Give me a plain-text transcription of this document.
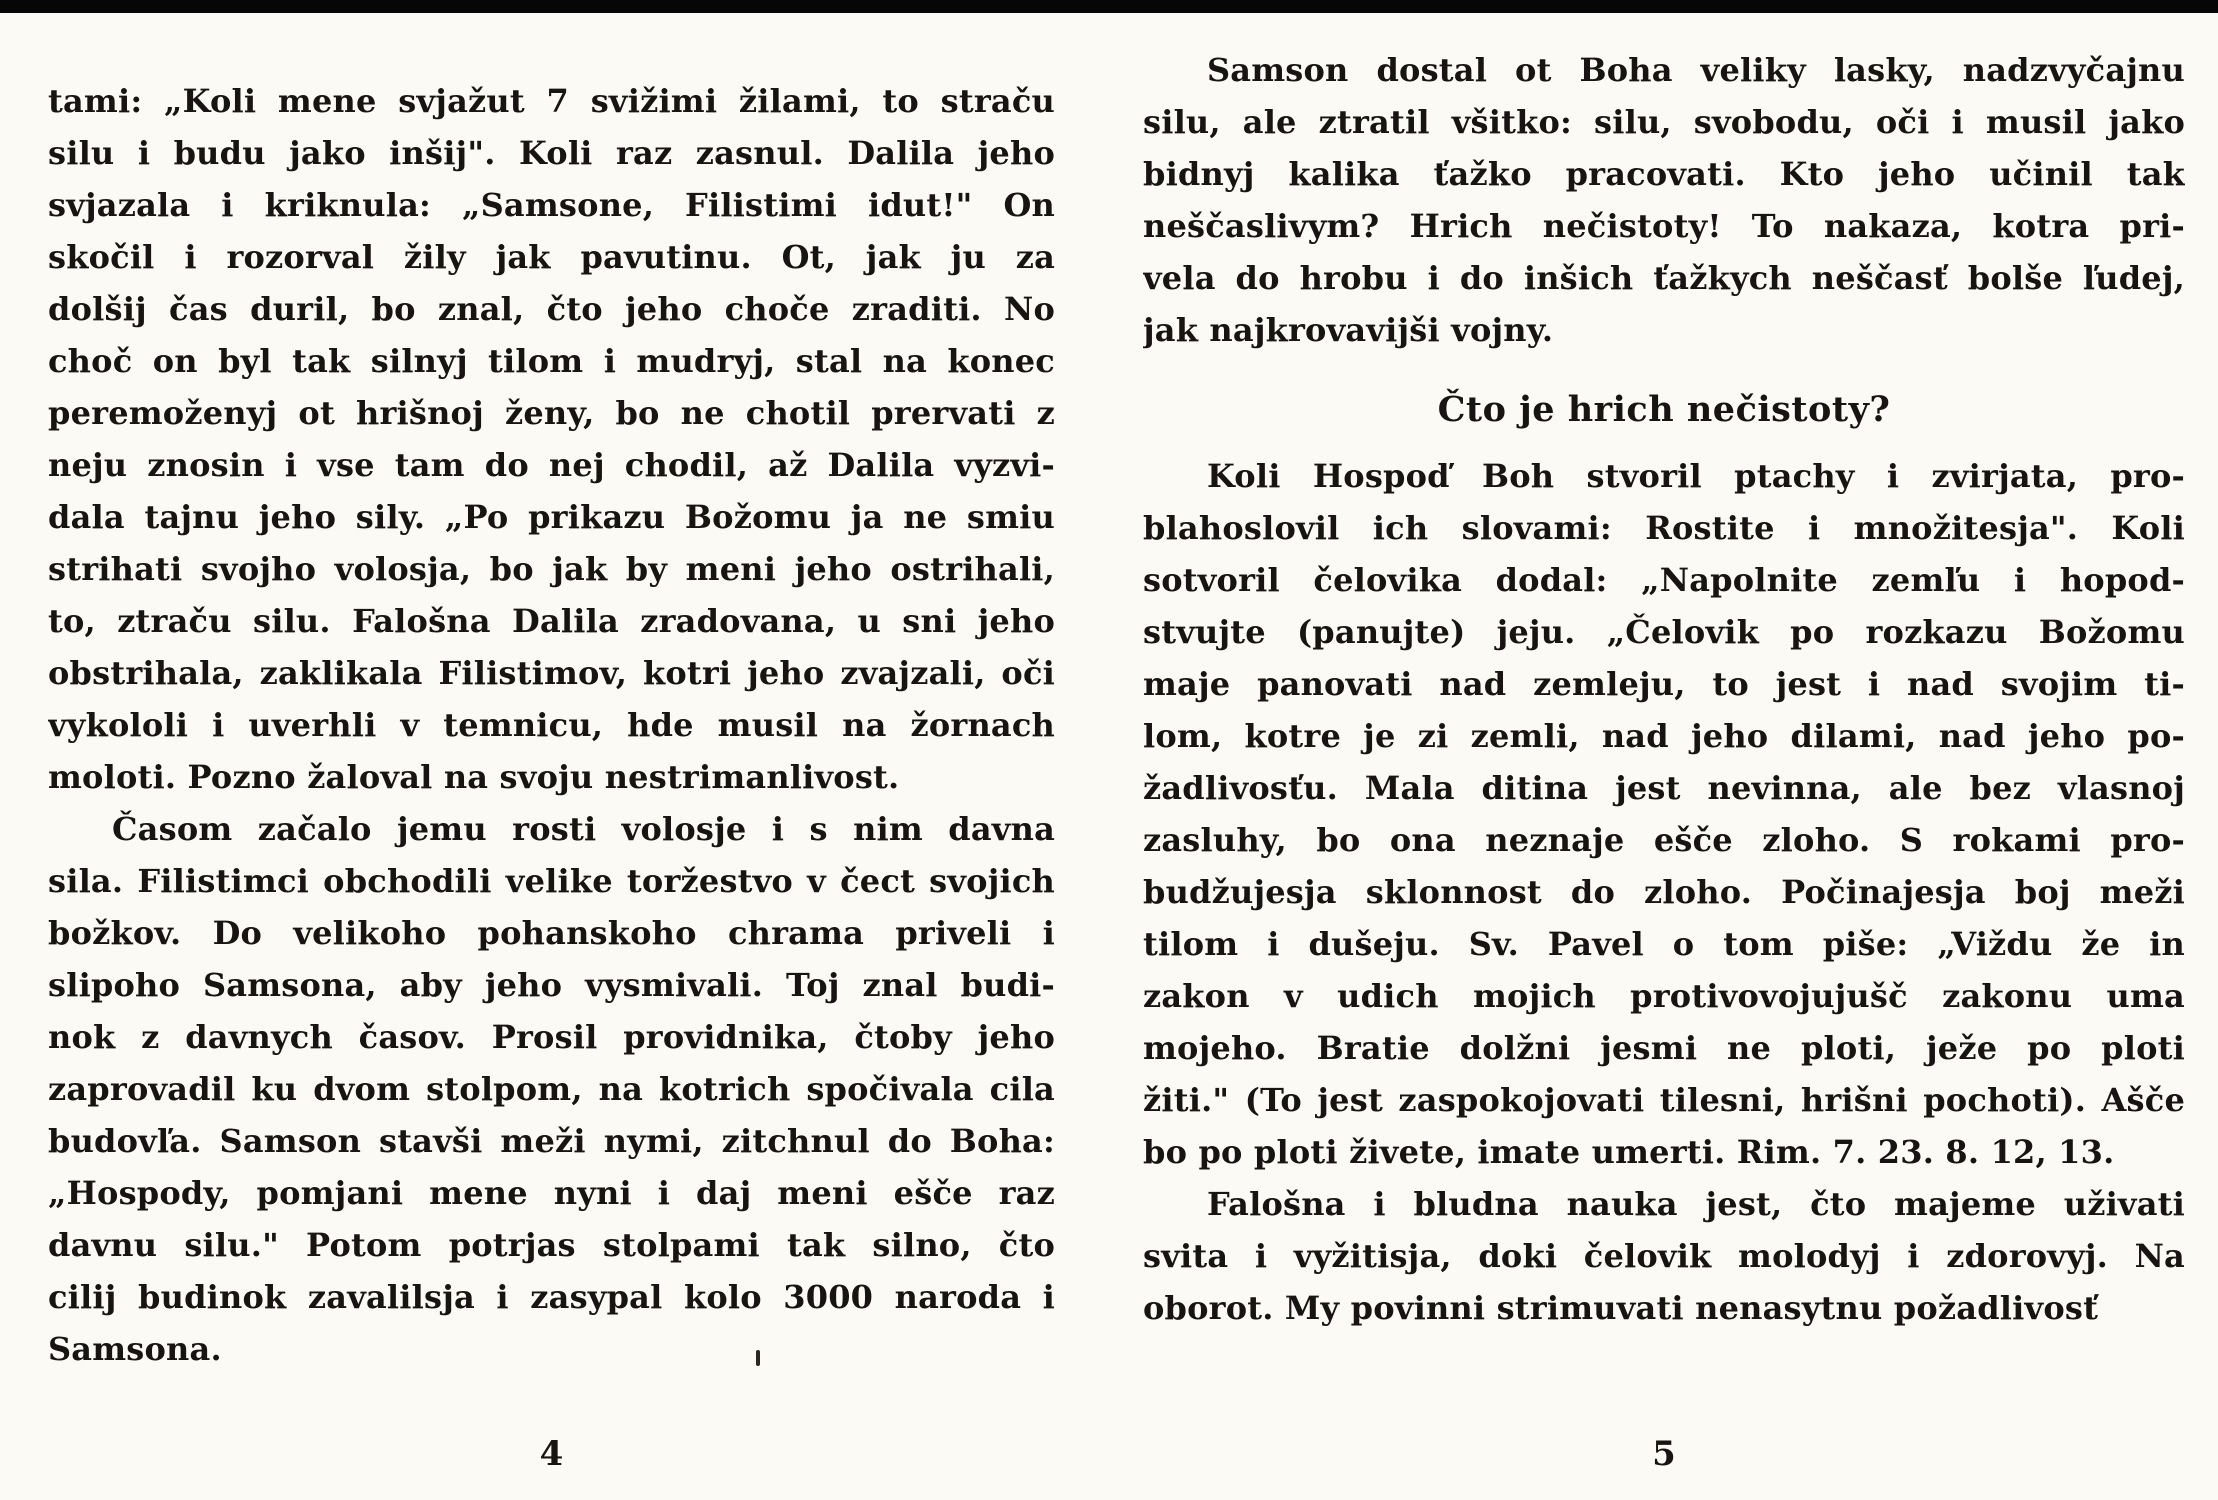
tami: „Koli mene svjažut 7 svižimi žilami, to straču
silu i budu jako inšij". Koli raz zasnul. Dalila jeho
svjazala i kriknula: „Samsone, Filistimi idut!" On
skočil i rozorval žily jak pavutinu. Ot, jak ju za
dolšij čas duril, bo znal, čto jeho choče zraditi. No
choč on byl tak silnyj tilom i mudryj, stal na konec
peremoženyj ot hrišnoj ženy, bo ne chotil prervati z
neju znosin i vse tam do nej chodil, až Dalila vyzvi-
dala tajnu jeho sily. „Po prikazu Božomu ja ne smiu
strihati svojho volosja, bo jak by meni jeho ostrihali,
to, ztraču silu. Falošna Dalila zradovana, u sni jeho
obstrihala, zaklikala Filistimov, kotri jeho zvajzali, oči
vykololi i uverhli v temnicu, hde musil na žornach
moloti. Pozno žaloval na svoju nestrimanlivost.
Časom začalo jemu rosti volosje i s nim davna
sila. Filistimci obchodili velike toržestvo v čect svojich
božkov. Do velikoho pohanskoho chrama priveli i
slipoho Samsona, aby jeho vysmivali. Toj znal budi-
nok z davnych časov. Prosil providnika, čtoby jeho
zaprovadil ku dvom stolpom, na kotrich spočivala cila
budovľa. Samson stavši meži nymi, zitchnul do Boha:
„Hospody, pomjani mene nyni i daj meni ešče raz
davnu silu." Potom potrjas stolpami tak silno, čto
cilij budinok zavalilsja i zasypal kolo 3000 naroda i
Samsona.
4
Samson dostal ot Boha veliky lasky, nadzvyčajnu
silu, ale ztratil všitko: silu, svobodu, oči i musil jako
bidnyj kalika ťažko pracovati. Kto jeho učinil tak
neščaslivym? Hrich nečistoty! To nakaza, kotra pri-
vela do hrobu i do inšich ťažkych neščasť bolše ľudej,
jak najkrovavijši vojny.
Čto je hrich nečistoty?
Koli Hospoď Boh stvoril ptachy i zvirjata, pro-
blahoslovil ich slovami: Rostite i množitesja". Koli
sotvoril čelovika dodal: „Napolnite zemľu i hopod-
stvujte (panujte) jeju. „Čelovik po rozkazu Božomu
maje panovati nad zemleju, to jest i nad svojim ti-
lom, kotre je zi zemli, nad jeho dilami, nad jeho po-
žadlivosťu. Mala ditina jest nevinna, ale bez vlasnoj
zasluhy, bo ona neznaje ešče zloho. S rokami pro-
budžujesja sklonnost do zloho. Počinajesja boj meži
tilom i dušeju. Sv. Pavel o tom piše: „Viždu že in
zakon v udich mojich protivovojujušč zakonu uma
mojeho. Bratie dolžni jesmi ne ploti, ježe po ploti
žiti." (To jest zaspokojovati tilesni, hrišni pochoti). Ašče
bo po ploti živete, imate umerti. Rim. 7. 23. 8. 12, 13.
Falošna i bludna nauka jest, čto majeme uživati
svita i vyžitisja, doki čelovik molodyj i zdorovyj. Na
oborot. My povinni strimuvati nenasytnu požadlivosť
5
